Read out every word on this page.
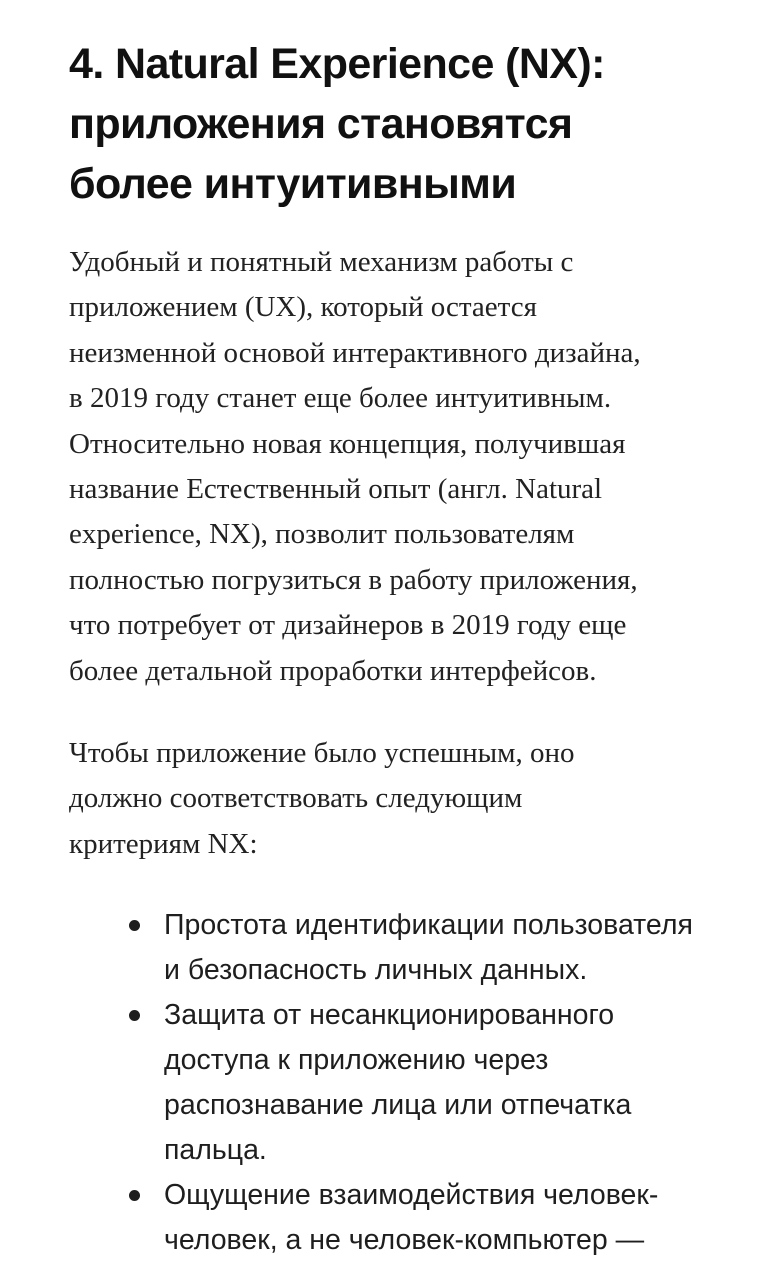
4. Natural Experience (NX):
приложения становятся
более интуитивными

Удобный и понятный механизм работы с
приложением (UX), который остается
неизменной основой интерактивного дизайна,
в 2019 году станет еще более интуитивным.
Относительно новая концепция, получившая
название Естественный опыт (англ. Natural
experience, NX), позволит пользователям
полностью погрузиться в работу приложения,
что потребует от дизайнеров в 2019 году еще
более детальной проработки интерфейсов.

Чтобы приложение было успешным, оно
должно соответствовать следующим
критериям NX:

Простота идентификации пользователя
и безопасность личных данных.
Защита от несанкционированного
доступа к приложению через
распознавание лица или отпечатка
пальца.
Ощущение взаимодействия человек-
человек, а не человек-компьютер —
